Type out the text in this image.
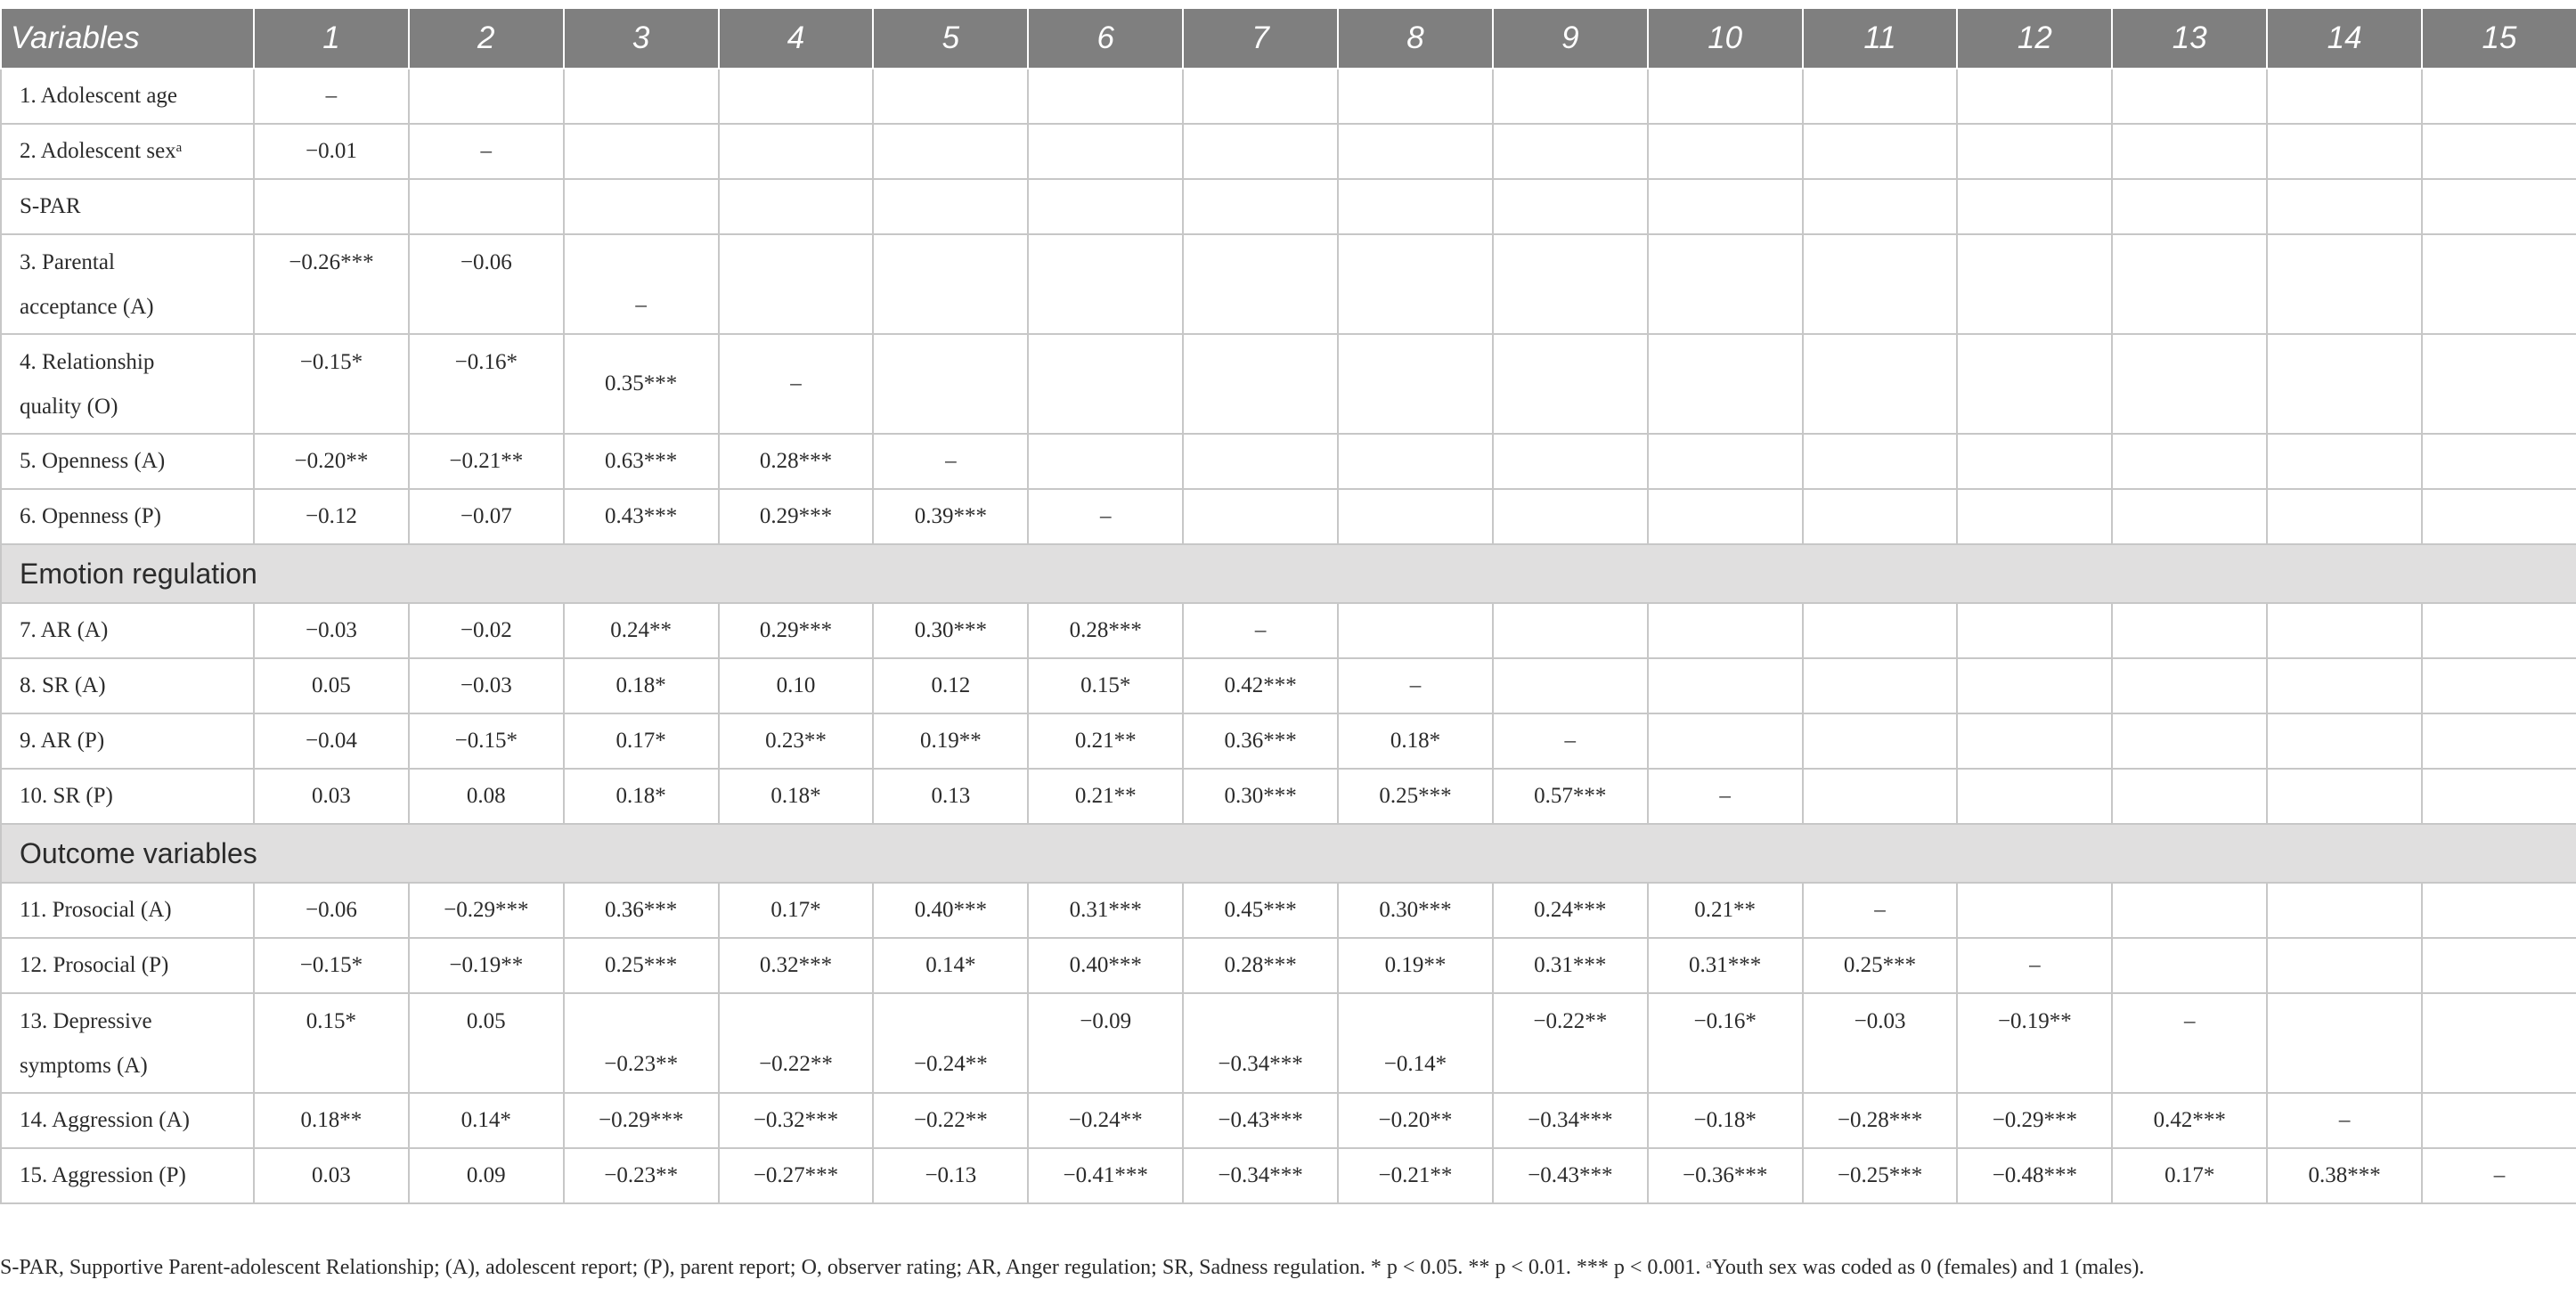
Variables	1	2	3	4	5	6	7	8	9	10	11	12	13	14	15
1. Adolescent age	–														
2. Adolescent sexᵃ	−0.01	–													
S-PAR															
3. Parental
acceptance (A)	−0.26***	−0.06	–												
4. Relationship
quality (O)	−0.15*	−0.16*	0.35***	–											
5. Openness (A)	−0.20**	−0.21**	0.63***	0.28***	–										
6. Openness (P)	−0.12	−0.07	0.43***	0.29***	0.39***	–									
Emotion regulation															
7. AR (A)	−0.03	−0.02	0.24**	0.29***	0.30***	0.28***	–								
8. SR (A)	0.05	−0.03	0.18*	0.10	0.12	0.15*	0.42***	–							
9. AR (P)	−0.04	−0.15*	0.17*	0.23**	0.19**	0.21**	0.36***	0.18*	–						
10. SR (P)	0.03	0.08	0.18*	0.18*	0.13	0.21**	0.30***	0.25***	0.57***	–					
Outcome variables															
11. Prosocial (A)	−0.06	−0.29***	0.36***	0.17*	0.40***	0.31***	0.45***	0.30***	0.24***	0.21**	–				
12. Prosocial (P)	−0.15*	−0.19**	0.25***	0.32***	0.14*	0.40***	0.28***	0.19**	0.31***	0.31***	0.25***	–			
13. Depressive
symptoms (A)	0.15*	0.05	−0.23**	−0.22**	−0.24**	−0.09	−0.34***	−0.14*	−0.22**	−0.16*	−0.03	−0.19**	–		
14. Aggression (A)	0.18**	0.14*	−0.29***	−0.32***	−0.22**	−0.24**	−0.43***	−0.20**	−0.34***	−0.18*	−0.28***	−0.29***	0.42***	–	
15. Aggression (P)	0.03	0.09	−0.23**	−0.27***	−0.13	−0.41***	−0.34***	−0.21**	−0.43***	−0.36***	−0.25***	−0.48***	0.17*	0.38***	–
S-PAR, Supportive Parent-adolescent Relationship; (A), adolescent report; (P), parent report; O, observer rating; AR, Anger regulation; SR, Sadness regulation. * p < 0.05. ** p < 0.01. *** p < 0.001. ᵃYouth sex was coded as 0 (females) and 1 (males).
